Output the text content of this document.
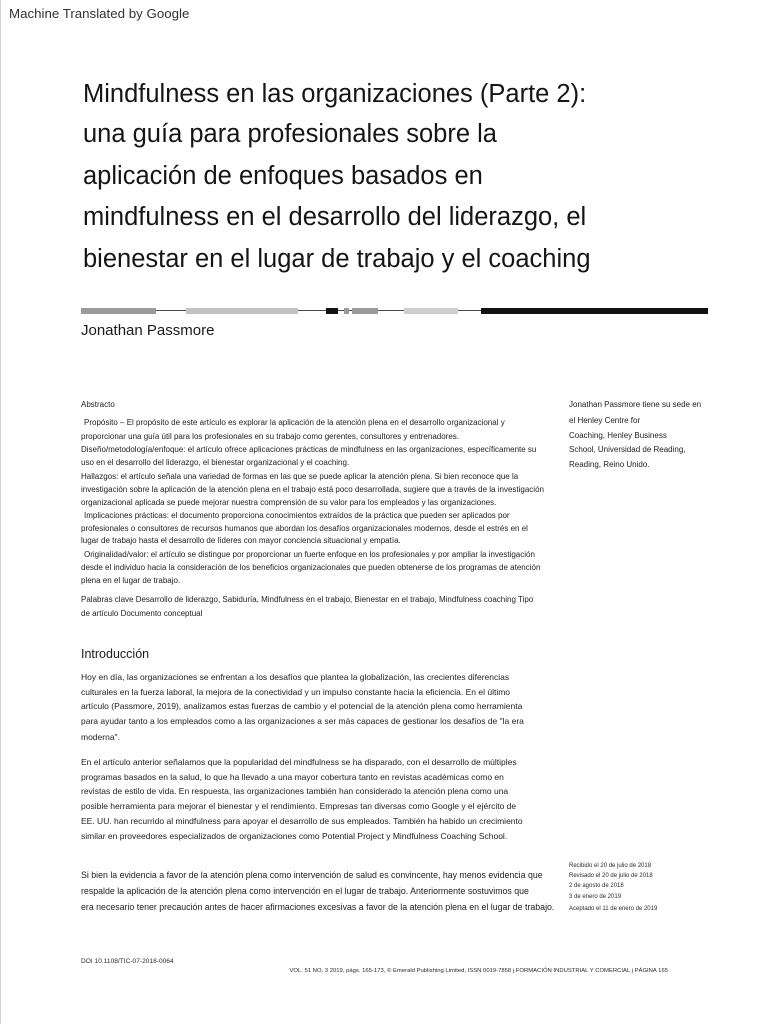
Machine Translated by Google
Mindfulness en las organizaciones (Parte 2):
una guía para profesionales sobre la
aplicación de enfoques basados en
mindfulness en el desarrollo del liderazgo, el
bienestar en el lugar de trabajo y el coaching
Jonathan Passmore
Abstracto
Propósito – El propósito de este artículo es explorar la aplicación de la atención plena en el desarrollo organizacional y
proporcionar una guía útil para los profesionales en su trabajo como gerentes, consultores y entrenadores.
Diseño/metodología/enfoque: el artículo ofrece aplicaciones prácticas de mindfulness en las organizaciones, específicamente su
uso en el desarrollo del liderazgo, el bienestar organizacional y el coaching.
Hallazgos: el artículo señala una variedad de formas en las que se puede aplicar la atención plena. Si bien reconoce que la
investigación sobre la aplicación de la atención plena en el trabajo está poco desarrollada, sugiere que a través de la investigación
organizacional aplicada se puede mejorar nuestra comprensión de su valor para los empleados y las organizaciones.
Implicaciones prácticas: el documento proporciona conocimientos extraídos de la práctica que pueden ser aplicados por
profesionales o consultores de recursos humanos que abordan los desafíos organizacionales modernos, desde el estrés en el
lugar de trabajo hasta el desarrollo de líderes con mayor conciencia situacional y empatía.
Originalidad/valor: el artículo se distingue por proporcionar un fuerte enfoque en los profesionales y por ampliar la investigación
desde el individuo hacia la consideración de los beneficios organizacionales que pueden obtenerse de los programas de atención
plena en el lugar de trabajo.
Palabras clave Desarrollo de liderazgo, Sabiduría, Mindfulness en el trabajo, Bienestar en el trabajo, Mindfulness coaching Tipo
de artículo Documento conceptual
Jonathan Passmore tiene su sede en
el Henley Centre for
Coaching, Henley Business
School, Universidad de Reading,
Reading, Reino Unido.
Introducción
Hoy en día, las organizaciones se enfrentan a los desafíos que plantea la globalización, las crecientes diferencias
culturales en la fuerza laboral, la mejora de la conectividad y un impulso constante hacia la eficiencia. En el último
artículo (Passmore, 2019), analizamos estas fuerzas de cambio y el potencial de la atención plena como herramienta
para ayudar tanto a los empleados como a las organizaciones a ser más capaces de gestionar los desafíos de "la era
moderna".
En el artículo anterior señalamos que la popularidad del mindfulness se ha disparado, con el desarrollo de múltiples
programas basados en la salud, lo que ha llevado a una mayor cobertura tanto en revistas académicas como en
revistas de estilo de vida. En respuesta, las organizaciones también han considerado la atención plena como una
posible herramienta para mejorar el bienestar y el rendimiento. Empresas tan diversas como Google y el ejército de
EE. UU. han recurrido al mindfulness para apoyar el desarrollo de sus empleados. También ha habido un crecimiento
similar en proveedores especializados de organizaciones como Potential Project y Mindfulness Coaching School.
Si bien la evidencia a favor de la atención plena como intervención de salud es convincente, hay menos evidencia que
respalde la aplicación de la atención plena como intervención en el lugar de trabajo. Anteriormente sostuvimos que
era necesario tener precaución antes de hacer afirmaciones excesivas a favor de la atención plena en el lugar de trabajo.
Recibido el 20 de julio de 2018
Revisado el 20 de julio de 2018
2 de agosto de 2018
3 de enero de 2019
Aceptado el 11 de enero de 2019
DOI 10.1108/TIC-07-2018-0064
VOL. 51 NO. 3 2019, págs. 165-173, © Emerald Publishing Limited, ISSN 0019-7858 j FORMACIÓN INDUSTRIAL Y COMERCIAL j PÁGINA 165
